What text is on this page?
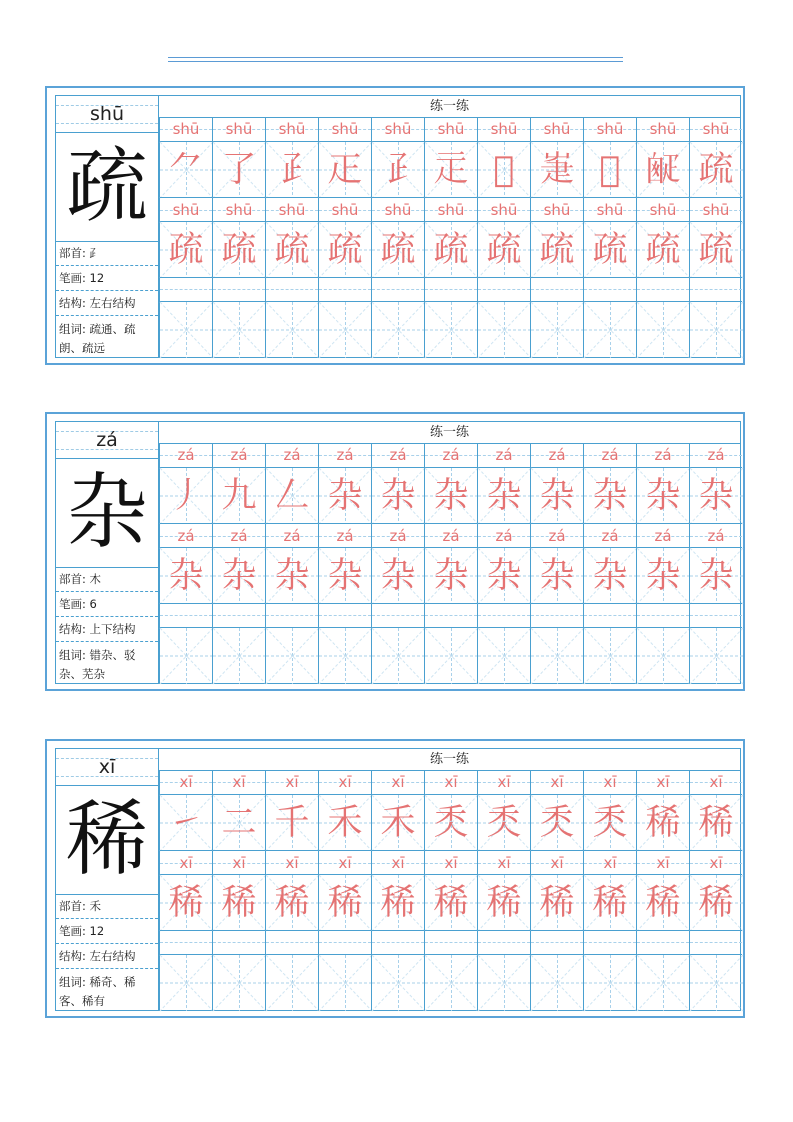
shū
疏
部首: ⺪
笔画: 12
结构: 左右结构
组词: 疏通、疏朗、疏远
练一练
shū
⺈
shū
疏
shū
了
shū
疏
shū
𤴔
shū
疏
shū
𤴓
shū
疏
shū
𤴔
shū
疏
shū
𤴕
shū
疏
shū
𤴖
shū
疏
shū
𤴗
shū
疏
shū
𤴘
shū
疏
shū
𤴙
shū
疏
shū
疏
shū
疏
zá
杂
部首: 木
笔画: 6
结构: 上下结构
组词: 错杂、驳杂、芜杂
练一练
zá
丿
zá
杂
zá
九
zá
杂
zá
𠃋
zá
杂
zá
杂
zá
杂
zá
杂
zá
杂
zá
杂
zá
杂
zá
杂
zá
杂
zá
杂
zá
杂
zá
杂
zá
杂
zá
杂
zá
杂
zá
杂
zá
杂
xī
稀
部首: 禾
笔画: 12
结构: 左右结构
组词: 稀奇、稀客、稀有
练一练
xī
㇀
xī
稀
xī
二
xī
稀
xī
千
xī
稀
xī
禾
xī
稀
xī
禾
xī
稀
xī
秂
xī
稀
xī
秂
xī
稀
xī
秂
xī
稀
xī
秂
xī
稀
xī
稀
xī
稀
xī
稀
xī
稀
